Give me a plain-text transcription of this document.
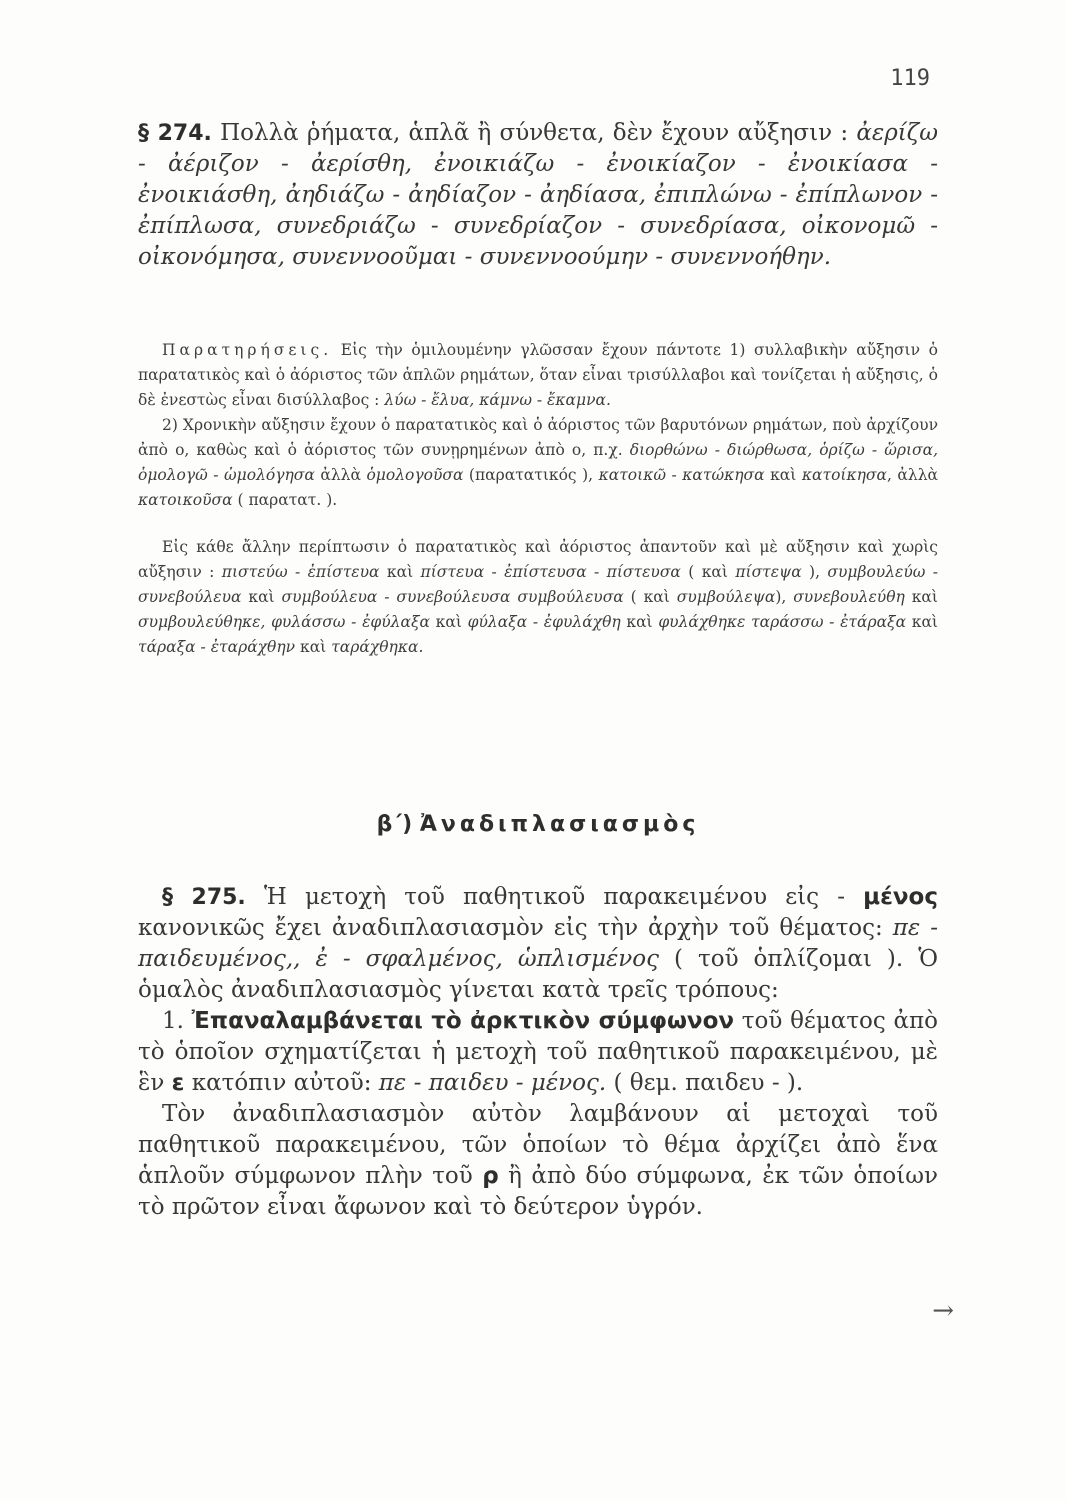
119

§ 274. Πολλὰ ῥήματα, ἁπλᾶ ἢ σύνθετα, δὲν ἔχουν αὔξησιν : ἀερίζω - ἀέριζον - ἀερίσθη, ἐνοικιάζω - ἐνοικίαζον - ἐνοικίασα - ἐνοικιάσθη, ἀηδιάζω - ἀηδίαζον - ἀηδίασα, ἐπιπλώνω - ἐπίπλωνον - ἐπίπλωσα, συνεδριάζω - συνεδρίαζον - συνεδρίασα, οἰκονομῶ - οἰκονόμησα, συνεννοοῦμαι - συνεννοούμην - συνεννοήθην.

Παρατηρήσεις. Εἰς τὴν ὁμιλουμένην γλῶσσαν ἔχουν πάντοτε 1) συλλαβικὴν αὔξησιν ὁ παρατατικὸς καὶ ὁ ἀόριστος τῶν ἁπλῶν ρημάτων, ὅταν εἶναι τρισύλλαβοι καὶ τονίζεται ἡ αὔξησις, ὁ δὲ ἐνεστὼς εἶναι δισύλλαβος : λύω - ἔλυα, κάμνω - ἔκαμνα.

2) Χρονικὴν αὔξησιν ἔχουν ὁ παρατατικὸς καὶ ὁ ἀόριστος τῶν βαρυτόνων ρημάτων, ποὺ ἀρχίζουν ἀπὸ ο, καθὼς καὶ ὁ ἀόριστος τῶν συνῃρημένων ἀπὸ ο, π.χ. διορθώνω - διώρθωσα, ὁρίζω - ὥρισα, ὁμολογῶ - ὡμολόγησα ἀλλὰ ὁμολογοῦσα (παρατατικός ), κατοικῶ - κατώκησα καὶ κατοίκησα, ἀλλὰ κατοικοῦσα ( παρατατ. ).

Εἰς κάθε ἄλλην περίπτωσιν ὁ παρατατικὸς καὶ ἀόριστος ἀπαντοῦν καὶ μὲ αὔξησιν καὶ χωρὶς αὔξησιν : πιστεύω - ἐπίστευα καὶ πίστευα - ἐπίστευσα - πίστευσα ( καὶ πίστεψα ), συμβουλεύω - συνεβούλευα καὶ συμβούλευα - συνεβούλευσα συμβούλευσα ( καὶ συμβούλεψα), συνεβουλεύθη καὶ συμβουλεύθηκε, φυλάσσω - ἐφύλαξα καὶ φύλαξα - ἐφυλάχθη καὶ φυλάχθηκε ταράσσω - ἐτάραξα καὶ τάραξα - ἐταράχθην καὶ ταράχθηκα.

β΄) Ἀναδιπλασιασμὸς

§ 275. Ἡ μετοχὴ τοῦ παθητικοῦ παρακειμένου εἰς - μένος κανονικῶς ἔχει ἀναδιπλασιασμὸν εἰς τὴν ἀρχὴν τοῦ θέματος: πε - παιδευμένος,, ἐ - σφαλμένος, ὡπλισμένος ( τοῦ ὁπλίζομαι ). Ὁ ὁμαλὸς ἀναδιπλασιασμὸς γίνεται κατὰ τρεῖς τρόπους:

1. Ἐπαναλαμβάνεται τὸ ἀρκτικὸν σύμφωνον τοῦ θέματος ἀπὸ τὸ ὁποῖον σχηματίζεται ἡ μετοχὴ τοῦ παθητικοῦ παρακειμένου, μὲ ἓν ε κατόπιν αὐτοῦ: πε - παιδευ - μένος. ( θεμ. παιδευ - ).

Τὸν ἀναδιπλασιασμὸν αὐτὸν λαμβάνουν αἱ μετοχαὶ τοῦ παθητικοῦ παρακειμένου, τῶν ὁποίων τὸ θέμα ἀρχίζει ἀπὸ ἕνα ἁπλοῦν σύμφωνον πλὴν τοῦ ρ ἢ ἀπὸ δύο σύμφωνα, ἐκ τῶν ὁποίων τὸ πρῶτον εἶναι ἄφωνον καὶ τὸ δεύτερον ὑγρόν.

→
